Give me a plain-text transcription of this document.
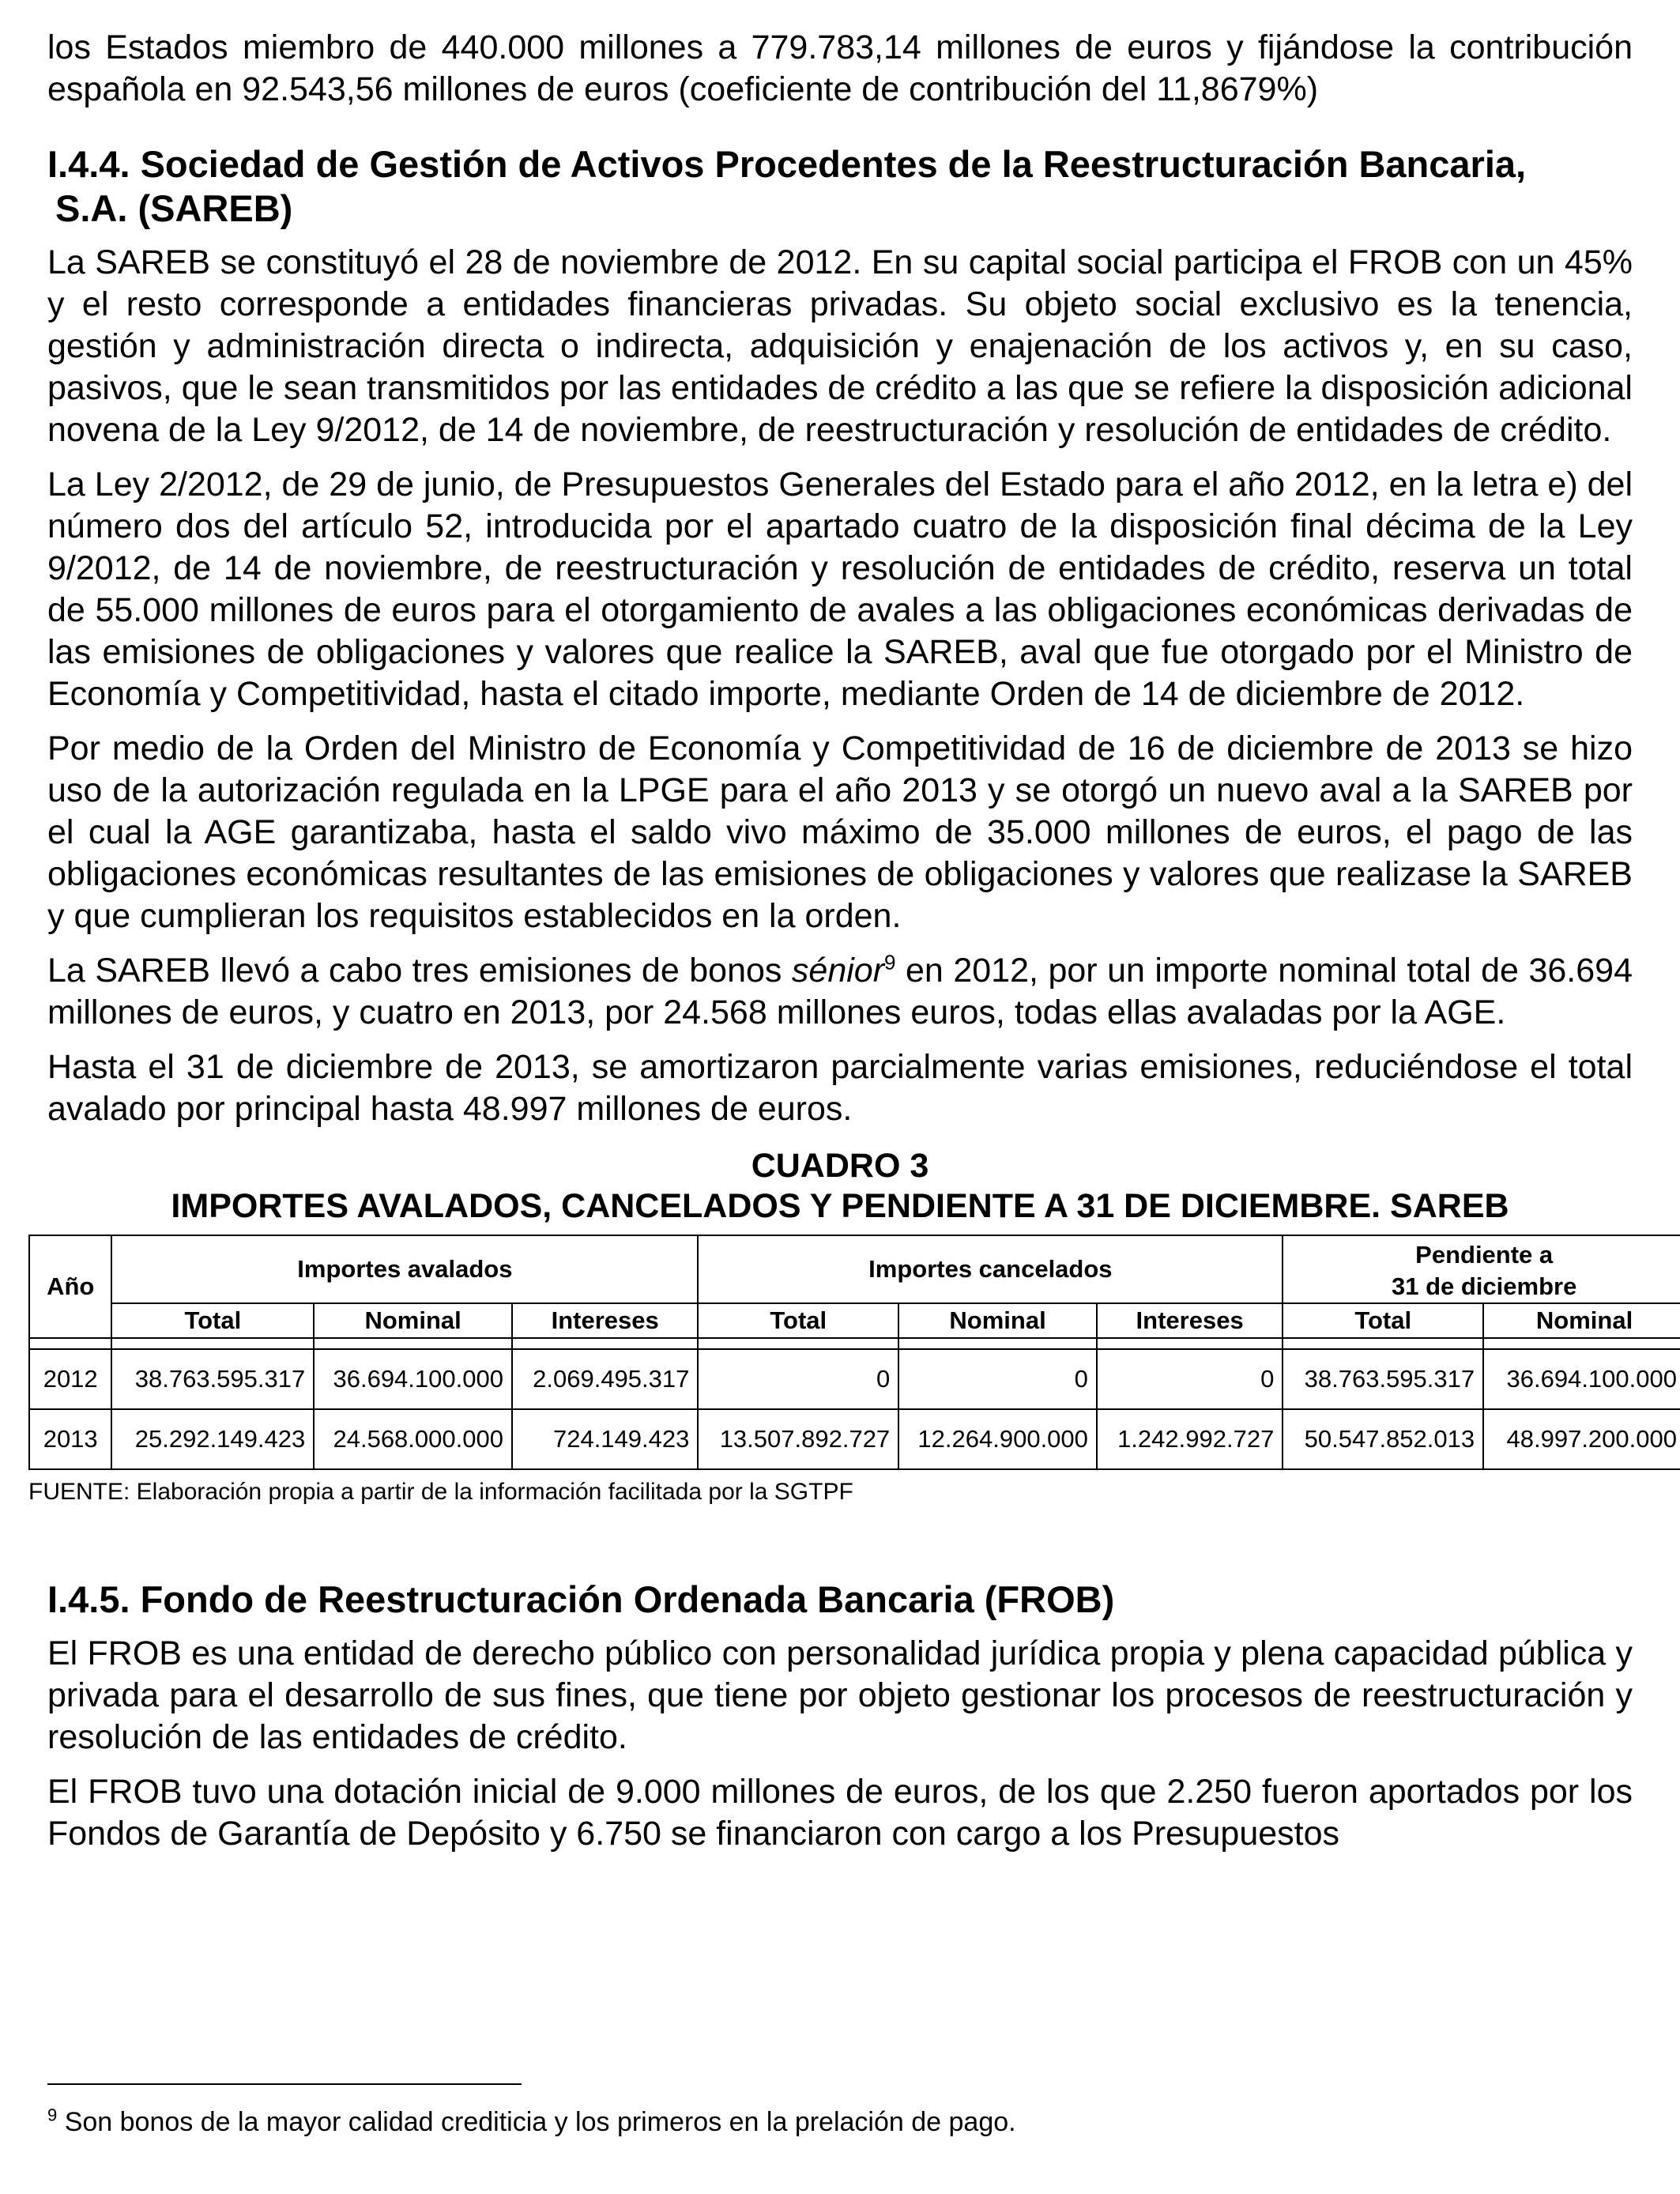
los Estados miembro de 440.000 millones a 779.783,14 millones de euros y fijándose la contribución española en 92.543,56 millones de euros (coeficiente de contribución del 11,8679%)

I.4.4. Sociedad de Gestión de Activos Procedentes de la Reestructuración Bancaria,
S.A. (SAREB)

La SAREB se constituyó el 28 de noviembre de 2012. En su capital social participa el FROB con un 45% y el resto corresponde a entidades financieras privadas. Su objeto social exclusivo es la tenencia, gestión y administración directa o indirecta, adquisición y enajenación de los activos y, en su caso, pasivos, que le sean transmitidos por las entidades de crédito a las que se refiere la disposición adicional novena de la Ley 9/2012, de 14 de noviembre, de reestructuración y resolución de entidades de crédito.

La Ley 2/2012, de 29 de junio, de Presupuestos Generales del Estado para el año 2012, en la letra e) del número dos del artículo 52, introducida por el apartado cuatro de la disposición final décima de la Ley 9/2012, de 14 de noviembre, de reestructuración y resolución de entidades de crédito, reserva un total de 55.000 millones de euros para el otorgamiento de avales a las obligaciones económicas derivadas de las emisiones de obligaciones y valores que realice la SAREB, aval que fue otorgado por el Ministro de Economía y Competitividad, hasta el citado importe, mediante Orden de 14 de diciembre de 2012.

Por medio de la Orden del Ministro de Economía y Competitividad de 16 de diciembre de 2013 se hizo uso de la autorización regulada en la LPGE para el año 2013 y se otorgó un nuevo aval a la SAREB por el cual la AGE garantizaba, hasta el saldo vivo máximo de 35.000 millones de euros, el pago de las obligaciones económicas resultantes de las emisiones de obligaciones y valores que realizase la SAREB y que cumplieran los requisitos establecidos en la orden.

La SAREB llevó a cabo tres emisiones de bonos sénior$^9$ en 2012, por un importe nominal total de 36.694 millones de euros, y cuatro en 2013, por 24.568 millones euros, todas ellas avaladas por la AGE.

Hasta el 31 de diciembre de 2013, se amortizaron parcialmente varias emisiones, reduciéndose el total avalado por principal hasta 48.997 millones de euros.

CUADRO 3
IMPORTES AVALADOS, CANCELADOS Y PENDIENTE A 31 DE DICIEMBRE. SAREB
Año	Importes avalados			Importes cancelados			Pendiente a
31 de diciembre	
	Total	Nominal	Intereses	Total	Nominal	Intereses	Total	Nominal

2012	38.763.595.317	36.694.100.000	2.069.495.317	0	0	0	38.763.595.317	36.694.100.000
2013	25.292.149.423	24.568.000.000	724.149.423	13.507.892.727	12.264.900.000	1.242.992.727	50.547.852.013	48.997.200.000
FUENTE: Elaboración propia a partir de la información facilitada por la SGTPF
I.4.5. Fondo de Reestructuración Ordenada Bancaria (FROB)

El FROB es una entidad de derecho público con personalidad jurídica propia y plena capacidad pública y privada para el desarrollo de sus fines, que tiene por objeto gestionar los procesos de reestructuración y resolución de las entidades de crédito.

El FROB tuvo una dotación inicial de 9.000 millones de euros, de los que 2.250 fueron aportados por los Fondos de Garantía de Depósito y 6.750 se financiaron con cargo a los Presupuestos

$^9$ Son bonos de la mayor calidad crediticia y los primeros en la prelación de pago.
